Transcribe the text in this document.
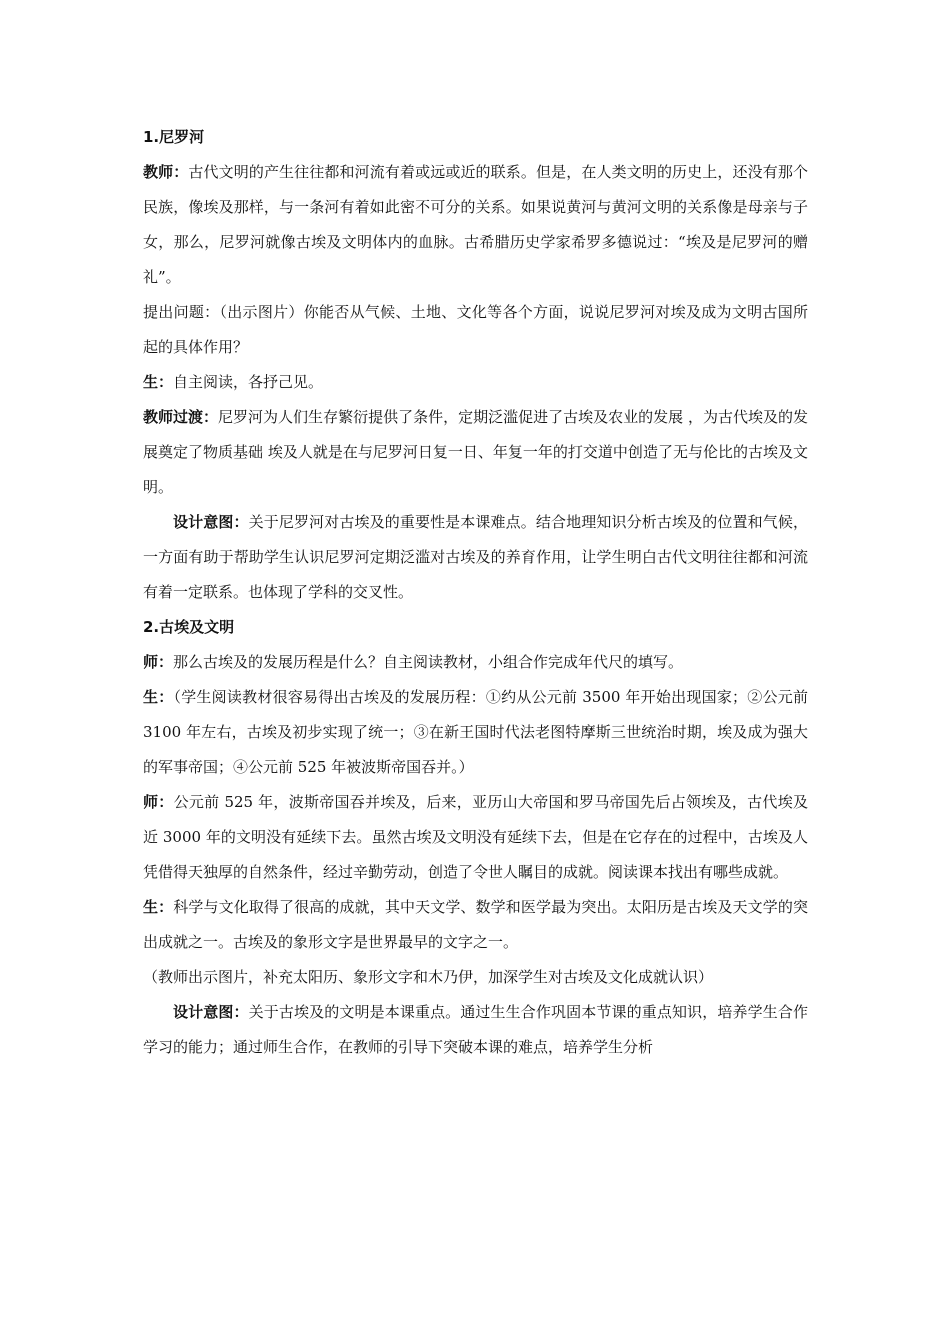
1.尼罗河

教师：古代文明的产生往往都和河流有着或远或近的联系。但是，在人类文明的历史上，还没有那个民族，像埃及那样，与一条河有着如此密不可分的关系。如果说黄河与黄河文明的关系像是母亲与子女，那么，尼罗河就像古埃及文明体内的血脉。古希腊历史学家希罗多德说过：“埃及是尼罗河的赠礼”。

提出问题：（出示图片）你能否从气候、土地、文化等各个方面，说说尼罗河对埃及成为文明古国所起的具体作用？

生：自主阅读，各抒己见。

教师过渡：尼罗河为人们生存繁衍提供了条件，定期泛滥促进了古埃及农业的发展 ，为古代埃及的发展奠定了物质基础 埃及人就是在与尼罗河日复一日、年复一年的打交道中创造了无与伦比的古埃及文明。

设计意图：关于尼罗河对古埃及的重要性是本课难点。结合地理知识分析古埃及的位置和气候，一方面有助于帮助学生认识尼罗河定期泛滥对古埃及的养育作用，让学生明白古代文明往往都和河流有着一定联系。也体现了学科的交叉性。

2.古埃及文明

师：那么古埃及的发展历程是什么？自主阅读教材，小组合作完成年代尺的填写。

生：（学生阅读教材很容易得出古埃及的发展历程：①约从公元前 3500 年开始出现国家；②公元前 3100 年左右，古埃及初步实现了统一；③在新王国时代法老图特摩斯三世统治时期，埃及成为强大的军事帝国；④公元前 525 年被波斯帝国吞并。）

师：公元前 525 年，波斯帝国吞并埃及，后来，亚历山大帝国和罗马帝国先后占领埃及，古代埃及近 3000 年的文明没有延续下去。虽然古埃及文明没有延续下去，但是在它存在的过程中，古埃及人凭借得天独厚的自然条件，经过辛勤劳动，创造了令世人瞩目的成就。阅读课本找出有哪些成就。

生：科学与文化取得了很高的成就，其中天文学、数学和医学最为突出。太阳历是古埃及天文学的突出成就之一。古埃及的象形文字是世界最早的文字之一。

（教师出示图片，补充太阳历、象形文字和木乃伊，加深学生对古埃及文化成就认识）

设计意图：关于古埃及的文明是本课重点。通过生生合作巩固本节课的重点知识，培养学生合作学习的能力；通过师生合作，在教师的引导下突破本课的难点，培养学生分析
